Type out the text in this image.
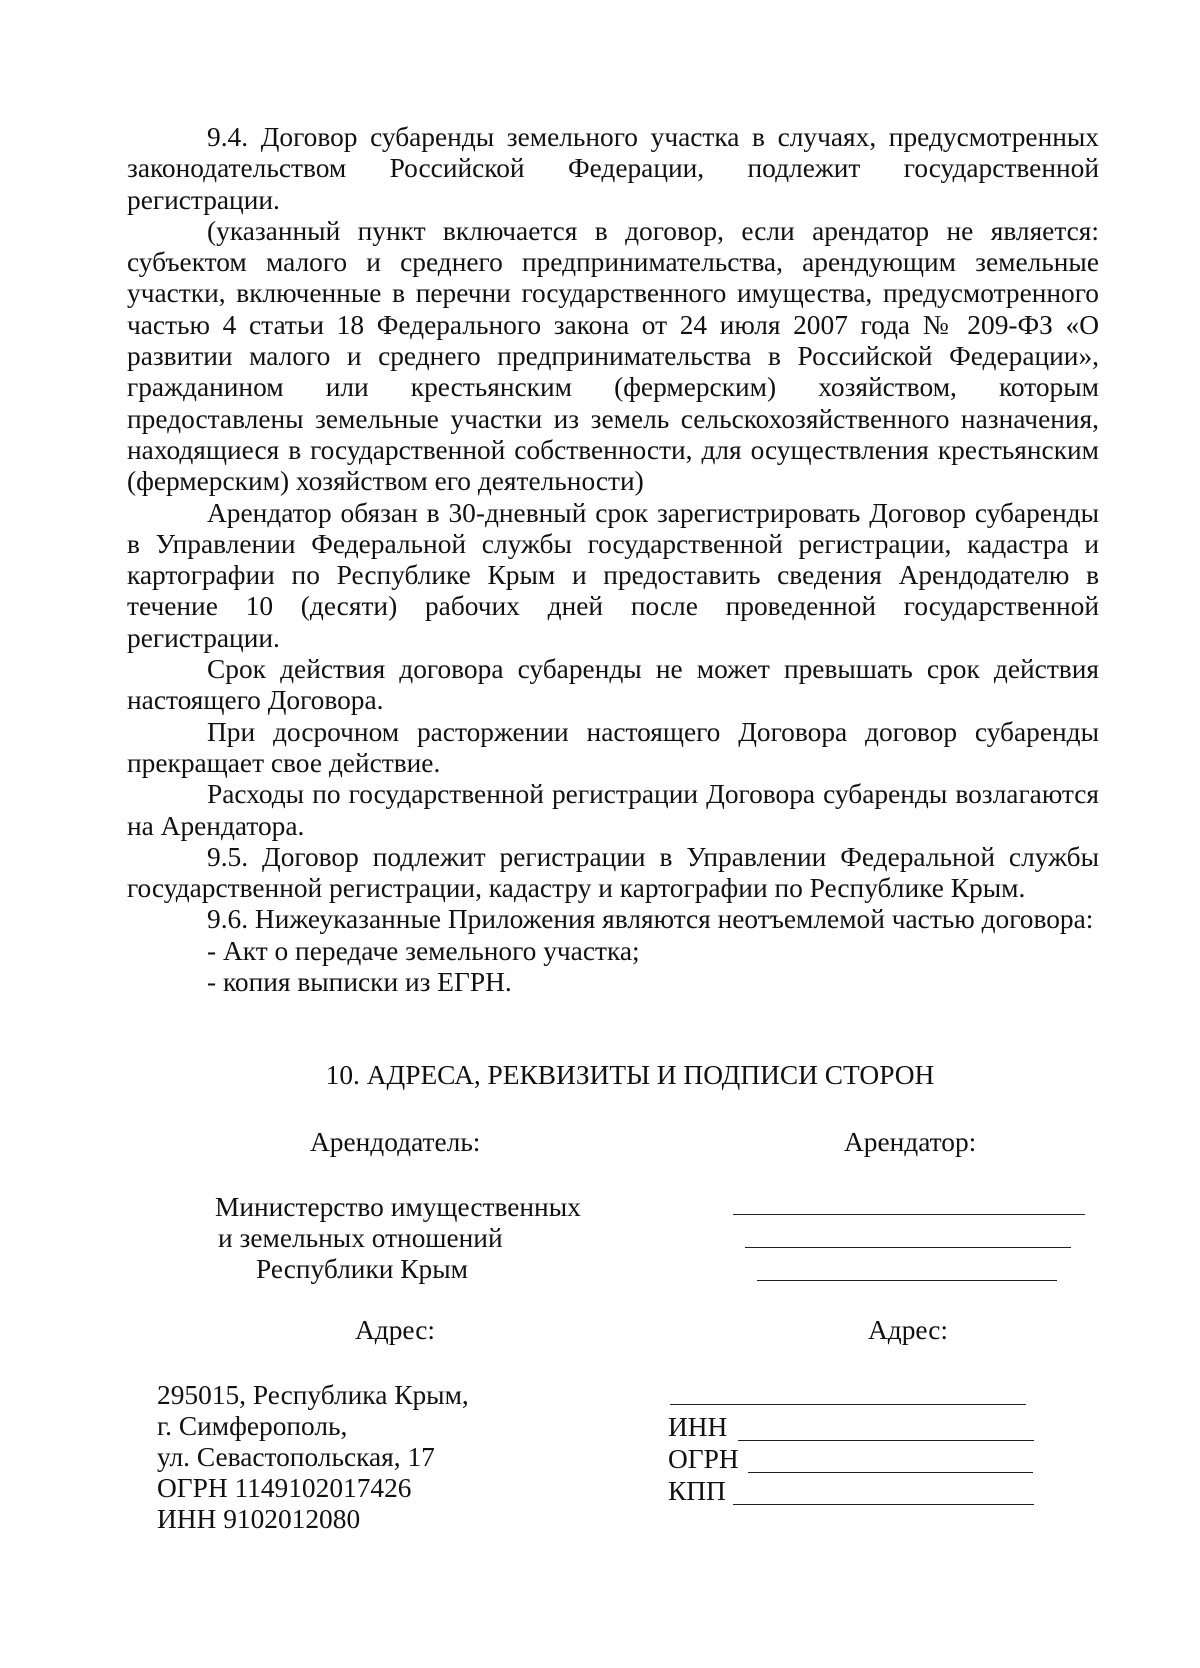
9.4. Договор субаренды земельного участка в случаях, предусмотренных законодательством Российской Федерации, подлежит государственной регистрации.

(указанный пункт включается в договор, если арендатор не является: субъектом малого и среднего предпринимательства, арендующим земельные участки, включенные в перечни государственного имущества, предусмотренного частью 4 статьи 18 Федерального закона от 24 июля 2007 года № 209-ФЗ «О развитии малого и среднего предпринимательства в Российской Федерации», гражданином или крестьянским (фермерским) хозяйством, которым предоставлены земельные участки из земель сельскохозяйственного назначения, находящиеся в государственной собственности, для осуществления крестьянским (фермерским) хозяйством его деятельности)

Арендатор обязан в 30-дневный срок зарегистрировать Договор субаренды в Управлении Федеральной службы государственной регистрации, кадастра и картографии по Республике Крым и предоставить сведения Арендодателю в течение 10 (десяти) рабочих дней после проведенной государственной регистрации.

Срок действия договора субаренды не может превышать срок действия настоящего Договора.

При досрочном расторжении настоящего Договора договор субаренды прекращает свое действие.

Расходы по государственной регистрации Договора субаренды возлагаются на Арендатора.

9.5. Договор подлежит регистрации в Управлении Федеральной службы государственной регистрации, кадастру и картографии по Республике Крым.

9.6. Нижеуказанные Приложения являются неотъемлемой частью договора:

- Акт о передаче земельного участка;

- копия выписки из ЕГРН.

10. АДРЕСА, РЕКВИЗИТЫ И ПОДПИСИ СТОРОН
Арендодатель:
Министерство имущественных
и земельных отношений
Республики Крым
Адрес:
295015, Республика Крым,
г. Симферополь,
ул. Севастопольская, 17
ОГРН 1149102017426
ИНН 9102012080
Арендатор:
Адрес:
ИНН
ОГРН
КПП
